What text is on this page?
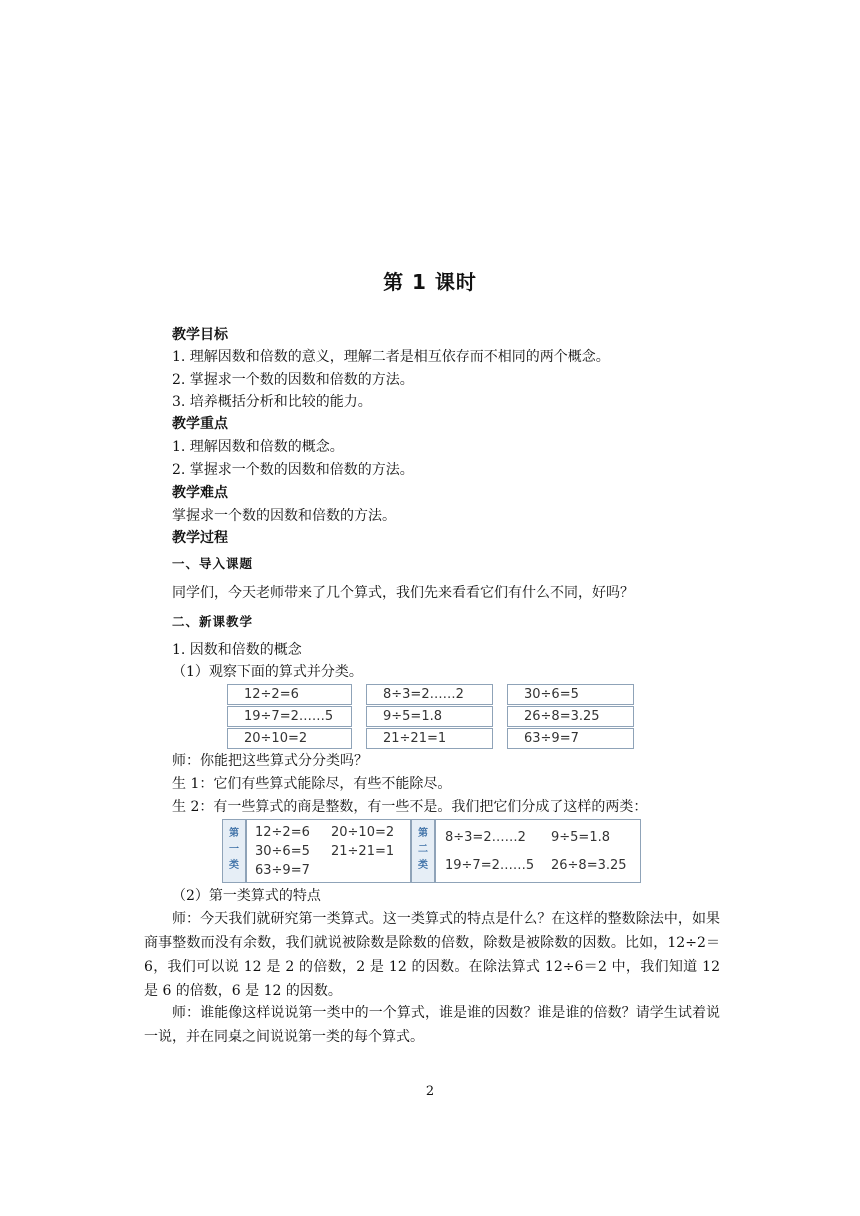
第 1 课时
教学目标
1. 理解因数和倍数的意义，理解二者是相互依存而不相同的两个概念。
2. 掌握求一个数的因数和倍数的方法。
3. 培养概括分析和比较的能力。
教学重点
1. 理解因数和倍数的概念。
2. 掌握求一个数的因数和倍数的方法。
教学难点
掌握求一个数的因数和倍数的方法。
教学过程
一、导入课题
同学们，今天老师带来了几个算式，我们先来看看它们有什么不同，好吗？
二、新课教学
1. 因数和倍数的概念
（1）观察下面的算式并分类。
12÷2=6	8÷3=2……2	30÷6=5
19÷7=2……5	9÷5=1.8	26÷8=3.25
20÷10=2	21÷21=1	63÷9=7
师：你能把这些算式分分类吗？
生 1：它们有些算式能除尽，有些不能除尽。
生 2：有一些算式的商是整数，有一些不是。我们把它们分成了这样的两类：
第
一
类
12÷2=6 20÷10=2
30÷6=5 21÷21=1
63÷9=7
第
二
类
8÷3=2……2 9÷5=1.8
19÷7=2……5 26÷8=3.25
（2）第一类算式的特点
师：今天我们就研究第一类算式。这一类算式的特点是什么？在这样的整数除法中，如果商事整数而没有余数，我们就说被除数是除数的倍数，除数是被除数的因数。比如，12÷2＝6，我们可以说 12 是 2 的倍数，2 是 12 的因数。在除法算式 12÷6＝2 中，我们知道 12 是 6 的倍数，6 是 12 的因数。
师：谁能像这样说说第一类中的一个算式，谁是谁的因数？谁是谁的倍数？请学生试着说一说，并在同桌之间说说第一类的每个算式。
2
